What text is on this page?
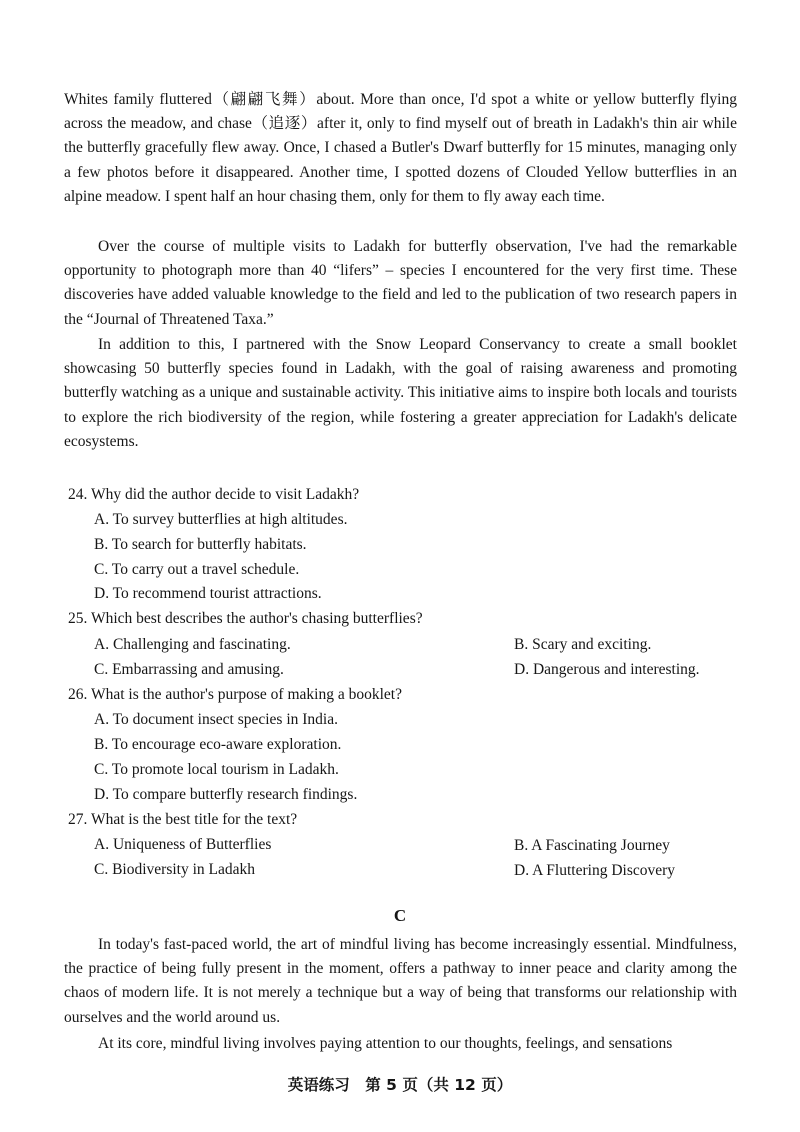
Whites family fluttered（翩翩飞舞）about. More than once, I'd spot a white or yellow butterfly flying across the meadow, and chase（追逐）after it, only to find myself out of breath in Ladakh's thin air while the butterfly gracefully flew away. Once, I chased a Butler's Dwarf butterfly for 15 minutes, managing only a few photos before it disappeared. Another time, I spotted dozens of Clouded Yellow butterflies in an alpine meadow. I spent half an hour chasing them, only for them to fly away each time.

Over the course of multiple visits to Ladakh for butterfly observation, I've had the remarkable opportunity to photograph more than 40 “lifers” – species I encountered for the very first time. These discoveries have added valuable knowledge to the field and led to the publication of two research papers in the “Journal of Threatened Taxa.”

In addition to this, I partnered with the Snow Leopard Conservancy to create a small booklet showcasing 50 butterfly species found in Ladakh, with the goal of raising awareness and promoting butterfly watching as a unique and sustainable activity. This initiative aims to inspire both locals and tourists to explore the rich biodiversity of the region, while fostering a greater appreciation for Ladakh's delicate ecosystems.

24. Why did the author decide to visit Ladakh?
A. To survey butterflies at high altitudes.
B. To search for butterfly habitats.
C. To carry out a travel schedule.
D. To recommend tourist attractions.
25. Which best describes the author's chasing butterflies?
A. Challenging and fascinating.	B. Scary and exciting.
C. Embarrassing and amusing.	D. Dangerous and interesting.
26. What is the author's purpose of making a booklet?
A. To document insect species in India.
B. To encourage eco-aware exploration.
C. To promote local tourism in Ladakh.
D. To compare butterfly research findings.
27. What is the best title for the text?
A. Uniqueness of Butterflies	B. A Fascinating Journey
C. Biodiversity in Ladakh	D. A Fluttering Discovery
C

In today's fast-paced world, the art of mindful living has become increasingly essential. Mindfulness, the practice of being fully present in the moment, offers a pathway to inner peace and clarity among the chaos of modern life. It is not merely a technique but a way of being that transforms our relationship with ourselves and the world around us.

At its core, mindful living involves paying attention to our thoughts, feelings, and sensations

英语练习　第 5 页（共 12 页）
